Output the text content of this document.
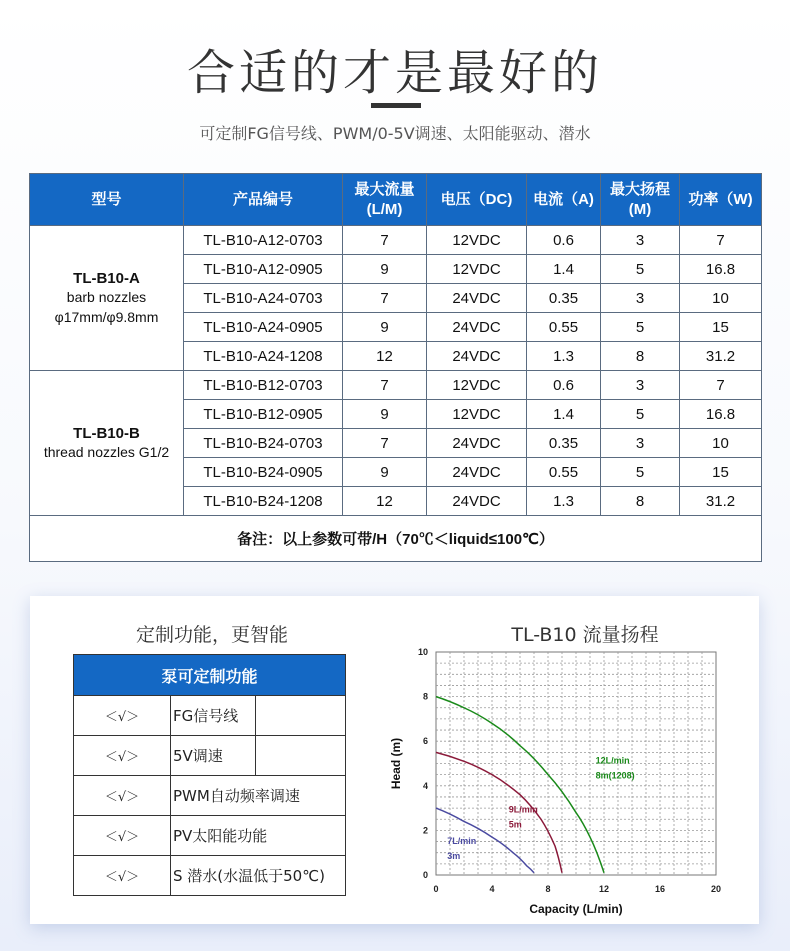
合适的才是最好的
可定制FG信号线、PWM/0-5V调速、太阳能驱动、潜水
型号	产品编号	最大流量 (L/M)	电压（DC)	电流（A)	最大扬程 (M)	功率（W)

TL-B10-A
barb nozzles
φ17mm/φ9.8mm	TL-B10-A12-0703	7	12VDC	0.6	3	7
	TL-B10-A12-0905	9	12VDC	1.4	5	16.8
	TL-B10-A24-0703	7	24VDC	0.35	3	10
	TL-B10-A24-0905	9	24VDC	0.55	5	15
	TL-B10-A24-1208	12	24VDC	1.3	8	31.2

TL-B10-B
thread nozzles G1/2	TL-B10-B12-0703	7	12VDC	0.6	3	7
	TL-B10-B12-0905	9	12VDC	1.4	5	16.8
	TL-B10-B24-0703	7	24VDC	0.35	3	10
	TL-B10-B24-0905	9	24VDC	0.55	5	15
	TL-B10-B24-1208	12	24VDC	1.3	8	31.2
备注：以上参数可带/H（70℃＜liquid≤100℃）						
定制功能，更智能
泵可定制功能		
＜√＞	FG信号线	
＜√＞	5V调速	
＜√＞	PWM自动频率调速	
＜√＞	PV太阳能功能	
＜√＞	S 潜水(水温低于50℃)	
TL-B10 流量扬程
0	4	8	12	16	20
0
2
4
6
8
10
Capacity (L/min)
Head (m)	12L/min
8m(1208)
9L/min
5m
7L/min
3m
